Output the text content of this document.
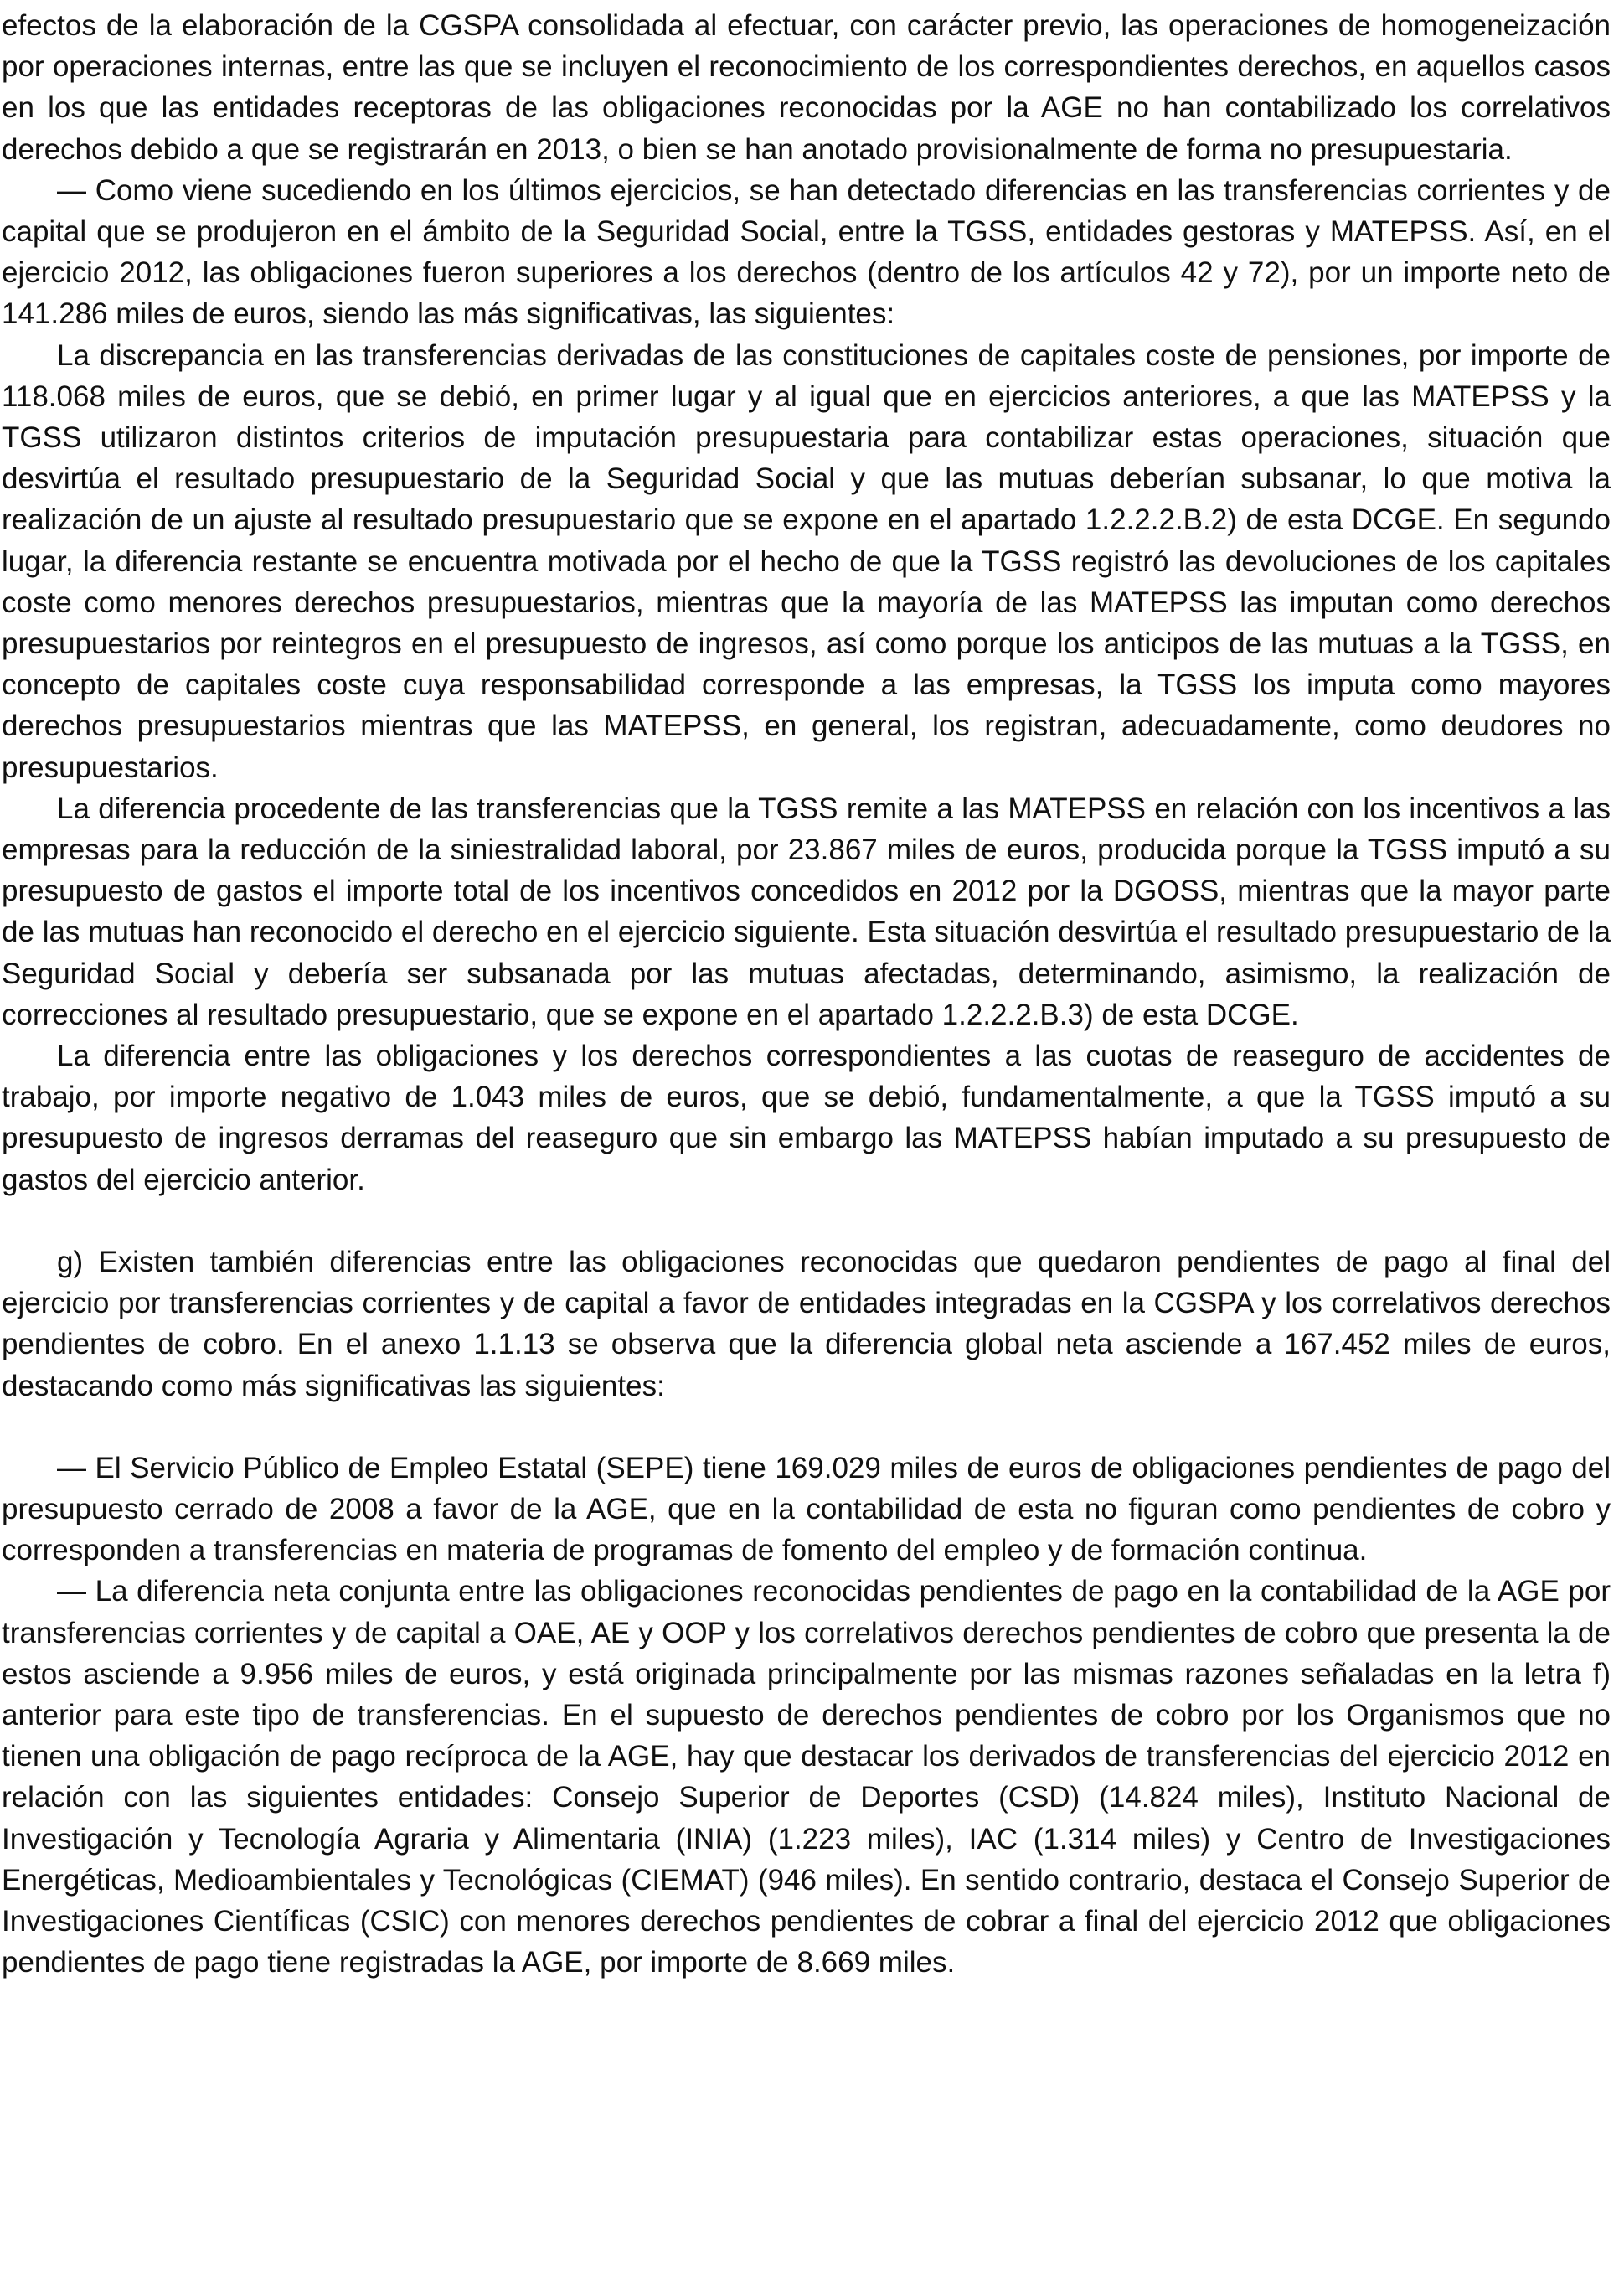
efectos de la elaboración de la CGSPA consolidada al efectuar, con carácter previo, las operaciones de homogeneización por operaciones internas, entre las que se incluyen el reconocimiento de los correspondientes derechos, en aquellos casos en los que las entidades receptoras de las obligaciones reconocidas por la AGE no han contabilizado los correlativos derechos debido a que se registrarán en 2013, o bien se han anotado provisionalmente de forma no presupuestaria.

— Como viene sucediendo en los últimos ejercicios, se han detectado diferencias en las transferencias corrientes y de capital que se produjeron en el ámbito de la Seguridad Social, entre la TGSS, entidades gestoras y MATEPSS. Así, en el ejercicio 2012, las obligaciones fueron superiores a los derechos (dentro de los artículos 42 y 72), por un importe neto de 141.286 miles de euros, siendo las más significativas, las siguientes:

La discrepancia en las transferencias derivadas de las constituciones de capitales coste de pensiones, por importe de 118.068 miles de euros, que se debió, en primer lugar y al igual que en ejercicios anteriores, a que las MATEPSS y la TGSS utilizaron distintos criterios de imputación presupuestaria para contabilizar estas operaciones, situación que desvirtúa el resultado presupuestario de la Seguridad Social y que las mutuas deberían subsanar, lo que motiva la realización de un ajuste al resultado presupuestario que se expone en el apartado 1.2.2.2.B.2) de esta DCGE. En segundo lugar, la diferencia restante se encuentra motivada por el hecho de que la TGSS registró las devoluciones de los capitales coste como menores derechos presupuestarios, mientras que la mayoría de las MATEPSS las imputan como derechos presupuestarios por reintegros en el presupuesto de ingresos, así como porque los anticipos de las mutuas a la TGSS, en concepto de capitales coste cuya responsabilidad corresponde a las empresas, la TGSS los imputa como mayores derechos presupuestarios mientras que las MATEPSS, en general, los registran, adecuadamente, como deudores no presupuestarios.

La diferencia procedente de las transferencias que la TGSS remite a las MATEPSS en relación con los incentivos a las empresas para la reducción de la siniestralidad laboral, por 23.867 miles de euros, producida porque la TGSS imputó a su presupuesto de gastos el importe total de los incentivos concedidos en 2012 por la DGOSS, mientras que la mayor parte de las mutuas han reconocido el derecho en el ejercicio siguiente. Esta situación desvirtúa el resultado presupuestario de la Seguridad Social y debería ser subsanada por las mutuas afectadas, determinando, asimismo, la realización de correcciones al resultado presupuestario, que se expone en el apartado 1.2.2.2.B.3) de esta DCGE.

La diferencia entre las obligaciones y los derechos correspondientes a las cuotas de reaseguro de accidentes de trabajo, por importe negativo de 1.043 miles de euros, que se debió, fundamentalmente, a que la TGSS imputó a su presupuesto de ingresos derramas del reaseguro que sin embargo las MATEPSS habían imputado a su presupuesto de gastos del ejercicio anterior.

g) Existen también diferencias entre las obligaciones reconocidas que quedaron pendientes de pago al final del ejercicio por transferencias corrientes y de capital a favor de entidades integradas en la CGSPA y los correlativos derechos pendientes de cobro. En el anexo 1.1.13 se observa que la diferencia global neta asciende a 167.452 miles de euros, destacando como más significativas las siguientes:

— El Servicio Público de Empleo Estatal (SEPE) tiene 169.029 miles de euros de obligaciones pendientes de pago del presupuesto cerrado de 2008 a favor de la AGE, que en la contabilidad de esta no figuran como pendientes de cobro y corresponden a transferencias en materia de programas de fomento del empleo y de formación continua.

— La diferencia neta conjunta entre las obligaciones reconocidas pendientes de pago en la contabilidad de la AGE por transferencias corrientes y de capital a OAE, AE y OOP y los correlativos derechos pendientes de cobro que presenta la de estos asciende a 9.956 miles de euros, y está originada principalmente por las mismas razones señaladas en la letra f) anterior para este tipo de transferencias. En el supuesto de derechos pendientes de cobro por los Organismos que no tienen una obligación de pago recíproca de la AGE, hay que destacar los derivados de transferencias del ejercicio 2012 en relación con las siguientes entidades: Consejo Superior de Deportes (CSD) (14.824 miles), Instituto Nacional de Investigación y Tecnología Agraria y Alimentaria (INIA) (1.223 miles), IAC (1.314 miles) y Centro de Investigaciones Energéticas, Medioambientales y Tecnológicas (CIEMAT) (946 miles). En sentido contrario, destaca el Consejo Superior de Investigaciones Científicas (CSIC) con menores derechos pendientes de cobrar a final del ejercicio 2012 que obligaciones pendientes de pago tiene registradas la AGE, por importe de 8.669 miles.
